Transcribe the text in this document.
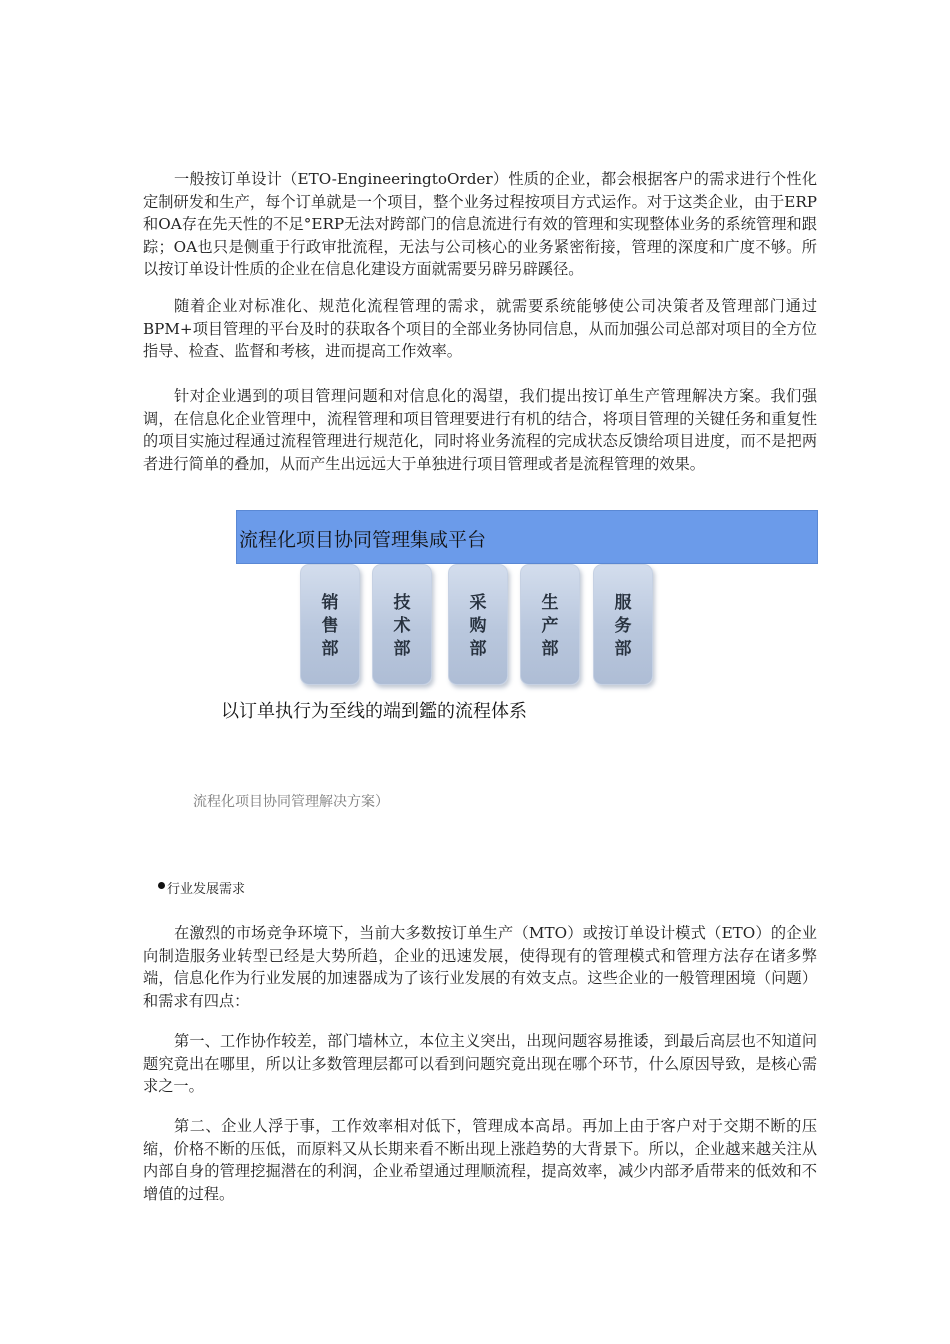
一般按订单设计（ETO-EngineeringtoOrder）性质的企业，都会根据客户的需求进行个性化定制研发和生产，每个订单就是一个项目，整个业务过程按项目方式运作。对于这类企业，由于ERP和OA存在先天性的不足°ERP无法对跨部门的信息流进行有效的管理和实现整体业务的系统管理和跟踪；OA也只是侧重于行政审批流程，无法与公司核心的业务紧密衔接，管理的深度和广度不够。所以按订单设计性质的企业在信息化建设方面就需要另辟另辟蹊径。

随着企业对标准化、规范化流程管理的需求，就需要系统能够使公司决策者及管理部门通过BPM+项目管理的平台及时的获取各个项目的全部业务协同信息，从而加强公司总部对项目的全方位指导、检查、监督和考核，进而提高工作效率。

针对企业遇到的项目管理问题和对信息化的渴望，我们提出按订单生产管理解决方案。我们强调，在信息化企业管理中，流程管理和项目管理要进行有机的结合，将项目管理的关键任务和重复性的项目实施过程通过流程管理进行规范化，同时将业务流程的完成状态反馈给项目进度，而不是把两者进行简单的叠加，从而产生出远远大于单独进行项目管理或者是流程管理的效果。

流程化项目协同管理集咸平台
销
售
部
技
术
部
采
购
部
生
产
部
服
务
部
以订单执行为至线的端到鑑的流程体系
流程化项目协同管理解决方案）
行业发展需求

在激烈的市场竞争环境下，当前大多数按订单生产（MTO）或按订单设计模式（ETO）的企业向制造服务业转型已经是大势所趋，企业的迅速发展，使得现有的管理模式和管理方法存在诸多弊端，信息化作为行业发展的加速器成为了该行业发展的有效支点。这些企业的一般管理困境（问题）和需求有四点：

第一、工作协作较差，部门墙林立，本位主义突出，出现问题容易推诿，到最后高层也不知道问题究竟出在哪里，所以让多数管理层都可以看到问题究竟出现在哪个环节，什么原因导致，是核心需求之一。

第二、企业人浮于事，工作效率相对低下，管理成本高昂。再加上由于客户对于交期不断的压缩，价格不断的压低，而原料又从长期来看不断出现上涨趋势的大背景下。所以，企业越来越关注从内部自身的管理挖掘潜在的利润，企业希望通过理顺流程，提高效率，减少内部矛盾带来的低效和不增值的过程。
